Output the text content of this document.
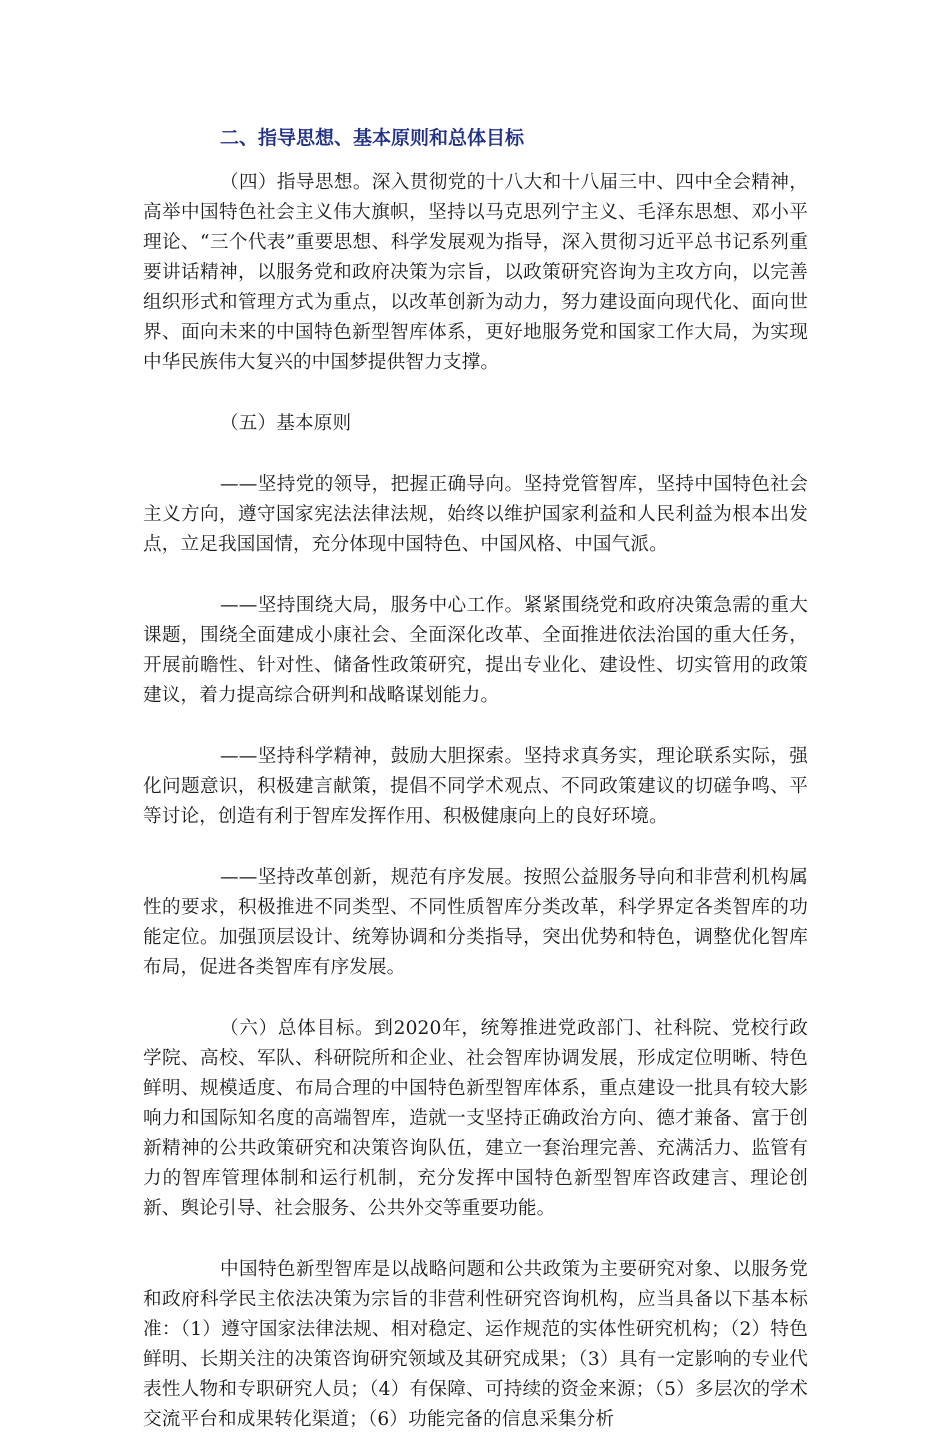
二、指导思想、基本原则和总体目标

（四）指导思想。深入贯彻党的十八大和十八届三中、四中全会精神，高举中国特色社会主义伟大旗帜，坚持以马克思列宁主义、毛泽东思想、邓小平理论、“三个代表”重要思想、科学发展观为指导，深入贯彻习近平总书记系列重要讲话精神，以服务党和政府决策为宗旨，以政策研究咨询为主攻方向，以完善组织形式和管理方式为重点，以改革创新为动力，努力建设面向现代化、面向世界、面向未来的中国特色新型智库体系，更好地服务党和国家工作大局，为实现中华民族伟大复兴的中国梦提供智力支撑。

（五）基本原则

——坚持党的领导，把握正确导向。坚持党管智库，坚持中国特色社会主义方向，遵守国家宪法法律法规，始终以维护国家利益和人民利益为根本出发点，立足我国国情，充分体现中国特色、中国风格、中国气派。

——坚持围绕大局，服务中心工作。紧紧围绕党和政府决策急需的重大课题，围绕全面建成小康社会、全面深化改革、全面推进依法治国的重大任务，开展前瞻性、针对性、储备性政策研究，提出专业化、建设性、切实管用的政策建议，着力提高综合研判和战略谋划能力。

——坚持科学精神，鼓励大胆探索。坚持求真务实，理论联系实际，强化问题意识，积极建言献策，提倡不同学术观点、不同政策建议的切磋争鸣、平等讨论，创造有利于智库发挥作用、积极健康向上的良好环境。

——坚持改革创新，规范有序发展。按照公益服务导向和非营利机构属性的要求，积极推进不同类型、不同性质智库分类改革，科学界定各类智库的功能定位。加强顶层设计、统筹协调和分类指导，突出优势和特色，调整优化智库布局，促进各类智库有序发展。

（六）总体目标。到2020年，统筹推进党政部门、社科院、党校行政学院、高校、军队、科研院所和企业、社会智库协调发展，形成定位明晰、特色鲜明、规模适度、布局合理的中国特色新型智库体系，重点建设一批具有较大影响力和国际知名度的高端智库，造就一支坚持正确政治方向、德才兼备、富于创新精神的公共政策研究和决策咨询队伍，建立一套治理完善、充满活力、监管有力的智库管理体制和运行机制，充分发挥中国特色新型智库咨政建言、理论创新、舆论引导、社会服务、公共外交等重要功能。

中国特色新型智库是以战略问题和公共政策为主要研究对象、以服务党和政府科学民主依法决策为宗旨的非营利性研究咨询机构，应当具备以下基本标准：（1）遵守国家法律法规、相对稳定、运作规范的实体性研究机构；（2）特色鲜明、长期关注的决策咨询研究领域及其研究成果；（3）具有一定影响的专业代表性人物和专职研究人员；（4）有保障、可持续的资金来源；（5）多层次的学术交流平台和成果转化渠道；（6）功能完备的信息采集分析
